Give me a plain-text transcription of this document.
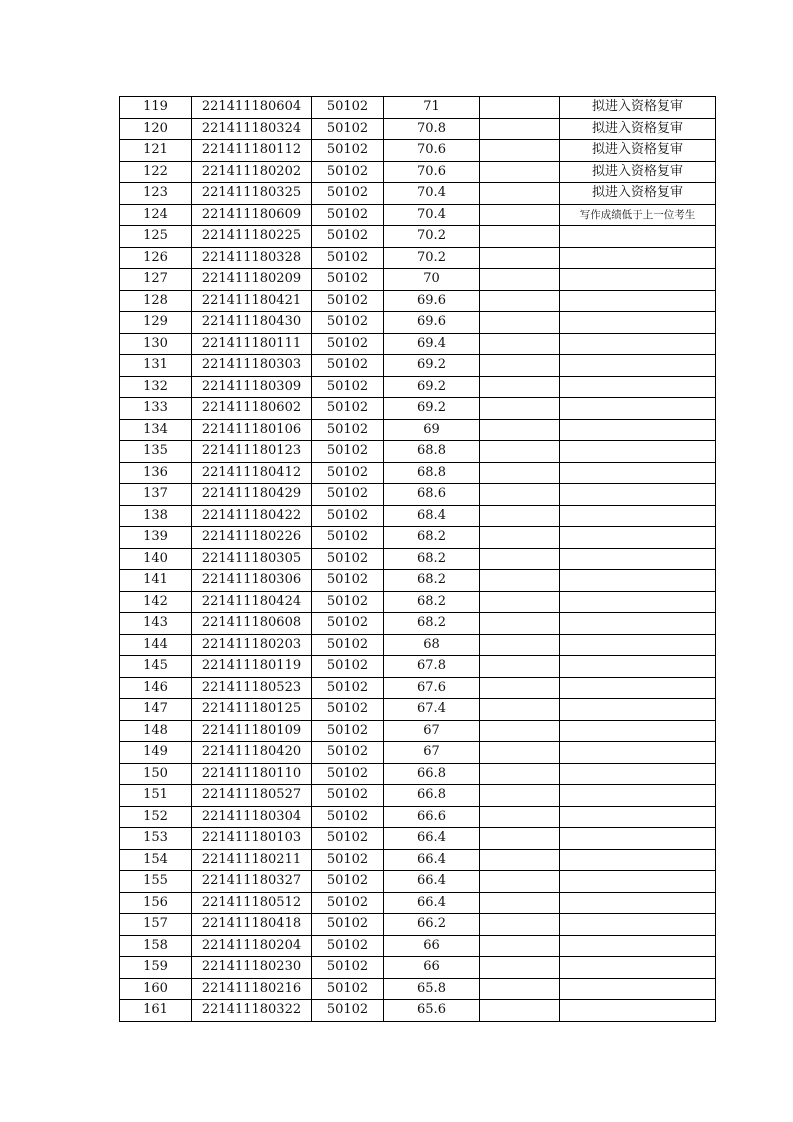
119	221411180604	50102	71		拟进入资格复审
120	221411180324	50102	70.8		拟进入资格复审
121	221411180112	50102	70.6		拟进入资格复审
122	221411180202	50102	70.6		拟进入资格复审
123	221411180325	50102	70.4		拟进入资格复审
124	221411180609	50102	70.4		写作成绩低于上一位考生
125	221411180225	50102	70.2		
126	221411180328	50102	70.2		
127	221411180209	50102	70		
128	221411180421	50102	69.6		
129	221411180430	50102	69.6		
130	221411180111	50102	69.4		
131	221411180303	50102	69.2		
132	221411180309	50102	69.2		
133	221411180602	50102	69.2		
134	221411180106	50102	69		
135	221411180123	50102	68.8		
136	221411180412	50102	68.8		
137	221411180429	50102	68.6		
138	221411180422	50102	68.4		
139	221411180226	50102	68.2		
140	221411180305	50102	68.2		
141	221411180306	50102	68.2		
142	221411180424	50102	68.2		
143	221411180608	50102	68.2		
144	221411180203	50102	68		
145	221411180119	50102	67.8		
146	221411180523	50102	67.6		
147	221411180125	50102	67.4		
148	221411180109	50102	67		
149	221411180420	50102	67		
150	221411180110	50102	66.8		
151	221411180527	50102	66.8		
152	221411180304	50102	66.6		
153	221411180103	50102	66.4		
154	221411180211	50102	66.4		
155	221411180327	50102	66.4		
156	221411180512	50102	66.4		
157	221411180418	50102	66.2		
158	221411180204	50102	66		
159	221411180230	50102	66		
160	221411180216	50102	65.8		
161	221411180322	50102	65.6		
